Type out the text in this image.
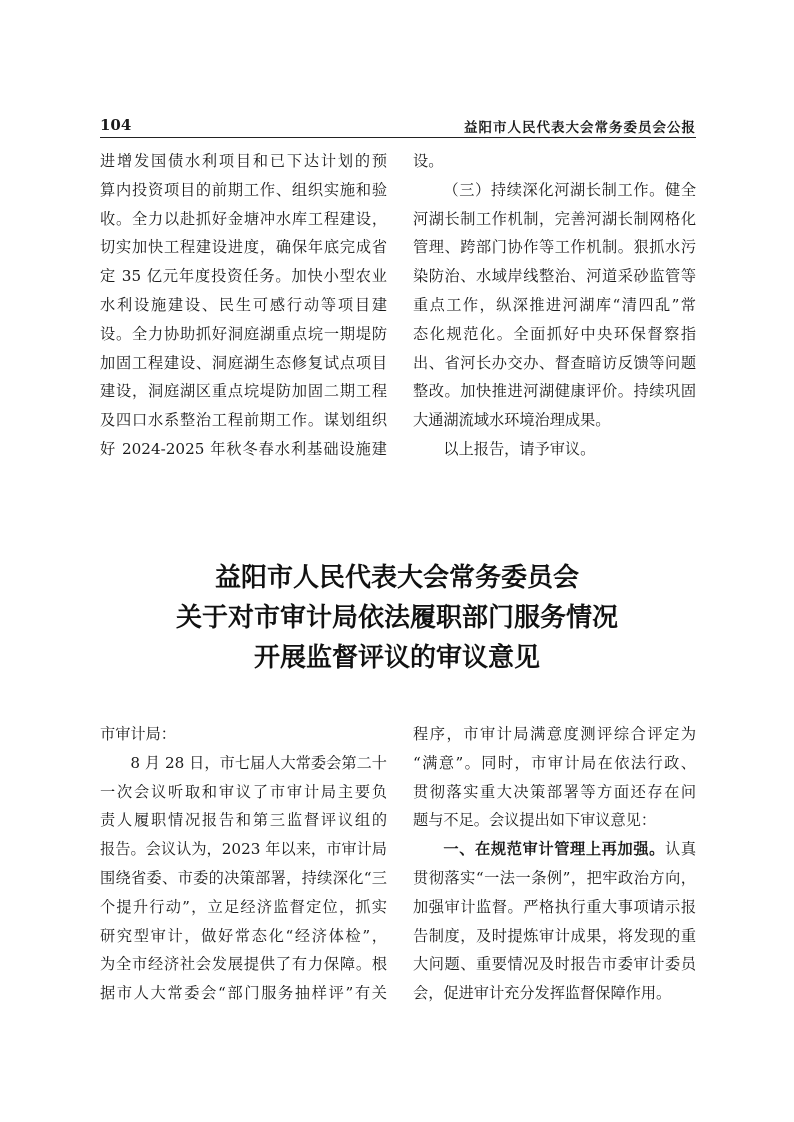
104	益阳市人民代表大会常务委员会公报
进增发国债水利项目和已下达计划的预
算内投资项目的前期工作、组织实施和验
收。全力以赴抓好金塘冲水库工程建设，
切实加快工程建设进度，确保年底完成省
定 35 亿元年度投资任务。加快小型农业
水利设施建设、民生可感行动等项目建
设。全力协助抓好洞庭湖重点垸一期堤防
加固工程建设、洞庭湖生态修复试点项目
建设，洞庭湖区重点垸堤防加固二期工程
及四口水系整治工程前期工作。谋划组织
好 2024-2025 年秋冬春水利基础设施建
设。
（三）持续深化河湖长制工作。健全
河湖长制工作机制，完善河湖长制网格化
管理、跨部门协作等工作机制。狠抓水污
染防治、水域岸线整治、河道采砂监管等
重点工作，纵深推进河湖库“清四乱”常
态化规范化。全面抓好中央环保督察指
出、省河长办交办、督查暗访反馈等问题
整改。加快推进河湖健康评价。持续巩固
大通湖流域水环境治理成果。
以上报告，请予审议。
益阳市人民代表大会常务委员会
关于对市审计局依法履职部门服务情况
开展监督评议的审议意见
市审计局：
8 月 28 日，市七届人大常委会第二十
一次会议听取和审议了市审计局主要负
责人履职情况报告和第三监督评议组的
报告。会议认为，2023 年以来，市审计局
围绕省委、市委的决策部署，持续深化“三
个提升行动”，立足经济监督定位，抓实
研究型审计，做好常态化“经济体检”，
为全市经济社会发展提供了有力保障。根
据市人大常委会“部门服务抽样评”有关
程序，市审计局满意度测评综合评定为
“满意”。同时，市审计局在依法行政、
贯彻落实重大决策部署等方面还存在问
题与不足。会议提出如下审议意见：
一、在规范审计管理上再加强。认真
贯彻落实“一法一条例”，把牢政治方向，
加强审计监督。严格执行重大事项请示报
告制度，及时提炼审计成果，将发现的重
大问题、重要情况及时报告市委审计委员
会，促进审计充分发挥监督保障作用。
